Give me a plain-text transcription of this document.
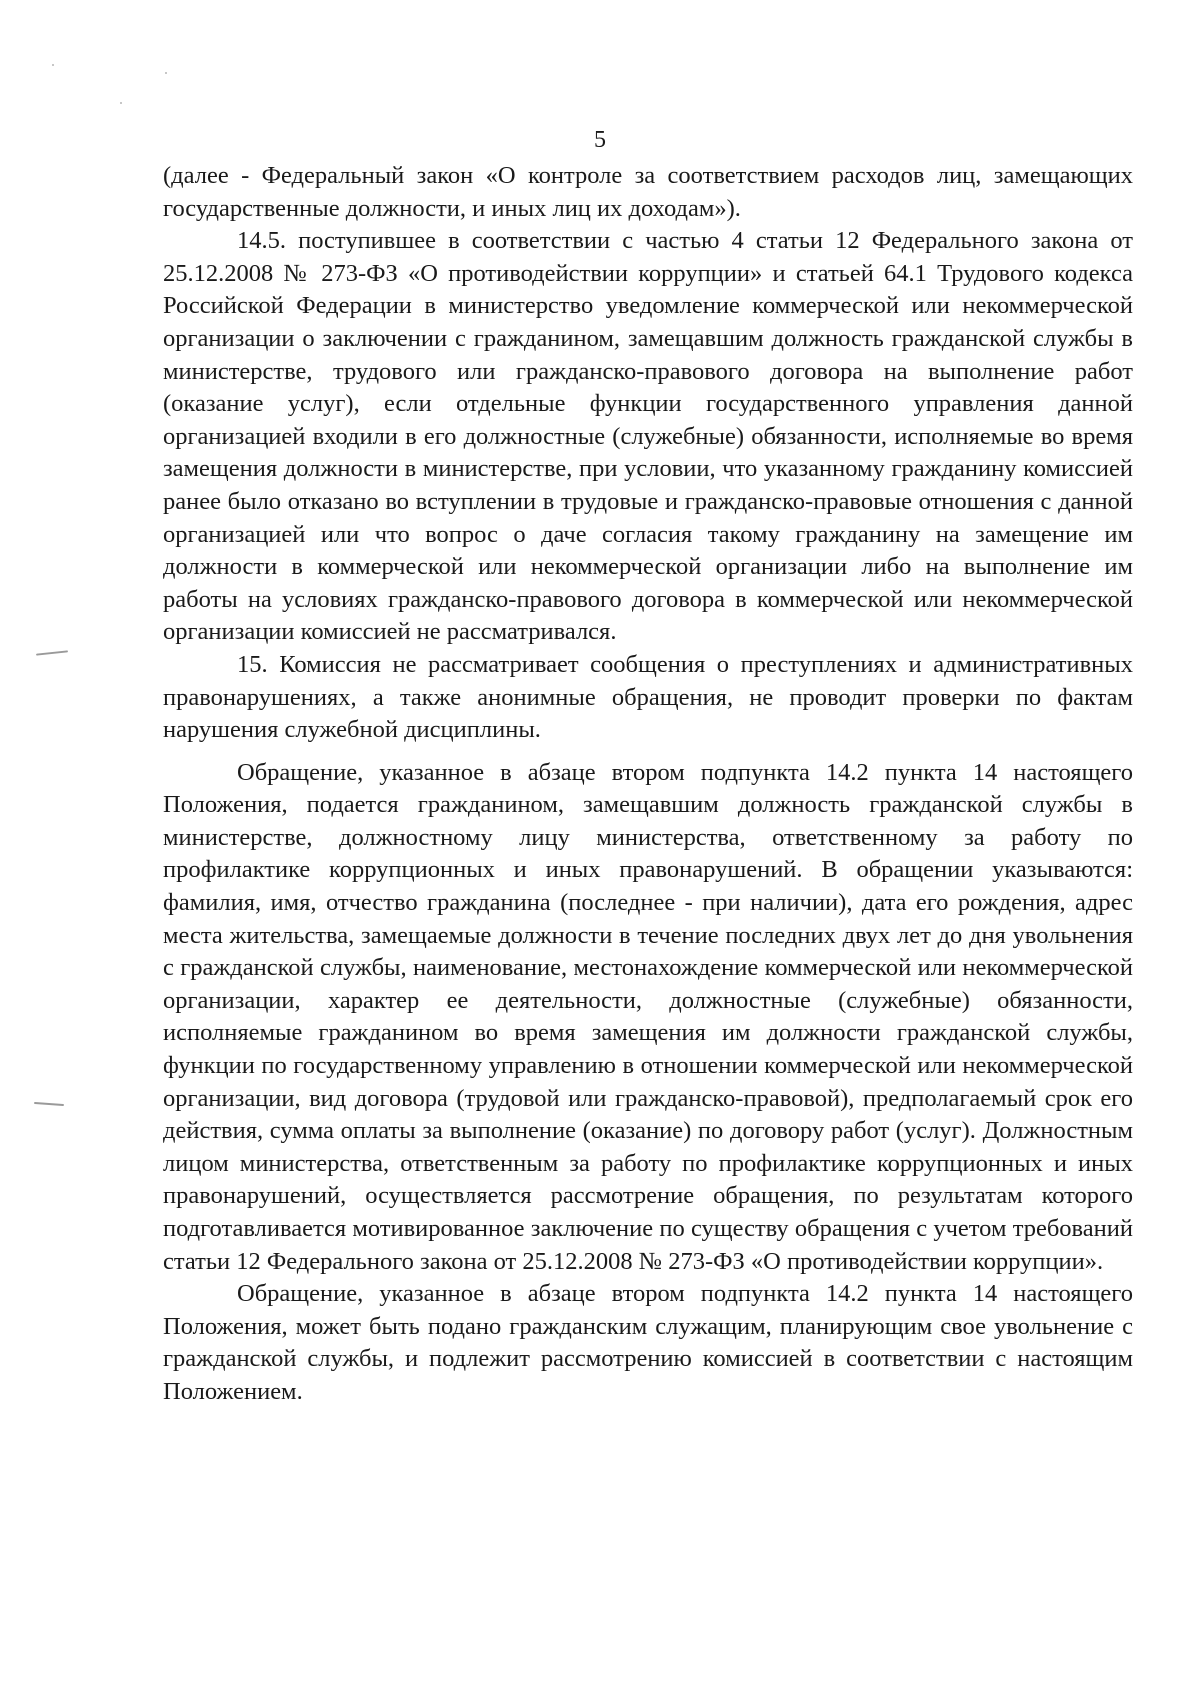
5

(далее - Федеральный закон «О контроле за соответствием расходов лиц, замещающих государственные должности, и иных лиц их доходам»).

14.5. поступившее в соответствии с частью 4 статьи 12 Федерального закона от 25.12.2008 № 273-ФЗ «О противодействии коррупции» и статьей 64.1 Трудового кодекса Российской Федерации в министерство уведомление коммерческой или некоммерческой организации о заключении с гражданином, замещавшим должность гражданской службы в министерстве, трудового или гражданско-правового договора на выполнение работ (оказание услуг), если отдельные функции государственного управления данной организацией входили в его должностные (служебные) обязанности, исполняемые во время замещения должности в министерстве, при условии, что указанному гражданину комиссией ранее было отказано во вступлении в трудовые и гражданско-правовые отношения с данной организацией или что вопрос о даче согласия такому гражданину на замещение им должности в коммерческой или некоммерческой организации либо на выполнение им работы на условиях гражданско-правового договора в коммерческой или некоммерческой организации комиссией не рассматривался.

15. Комиссия не рассматривает сообщения о преступлениях и административных правонарушениях, а также анонимные обращения, не проводит проверки по фактам нарушения служебной дисциплины.

Обращение, указанное в абзаце втором подпункта 14.2 пункта 14 настоящего Положения, подается гражданином, замещавшим должность гражданской службы в министерстве, должностному лицу министерства, ответственному за работу по профилактике коррупционных и иных правонарушений. В обращении указываются: фамилия, имя, отчество гражданина (последнее - при наличии), дата его рождения, адрес места жительства, замещаемые должности в течение последних двух лет до дня увольнения с гражданской службы, наименование, местонахождение коммерческой или некоммерческой организации, характер ее деятельности, должностные (служебные) обязанности, исполняемые гражданином во время замещения им должности гражданской службы, функции по государственному управлению в отношении коммерческой или некоммерческой организации, вид договора (трудовой или гражданско-правовой), предполагаемый срок его действия, сумма оплаты за выполнение (оказание) по договору работ (услуг). Должностным лицом министерства, ответственным за работу по профилактике коррупционных и иных правонарушений, осуществляется рассмотрение обращения, по результатам которого подготавливается мотивированное заключение по существу обращения с учетом требований статьи 12 Федерального закона от 25.12.2008 № 273-ФЗ «О противодействии коррупции».

Обращение, указанное в абзаце втором подпункта 14.2 пункта 14 настоящего Положения, может быть подано гражданским служащим, планирующим свое увольнение с гражданской службы, и подлежит рассмотрению комиссией в соответствии с настоящим Положением.
